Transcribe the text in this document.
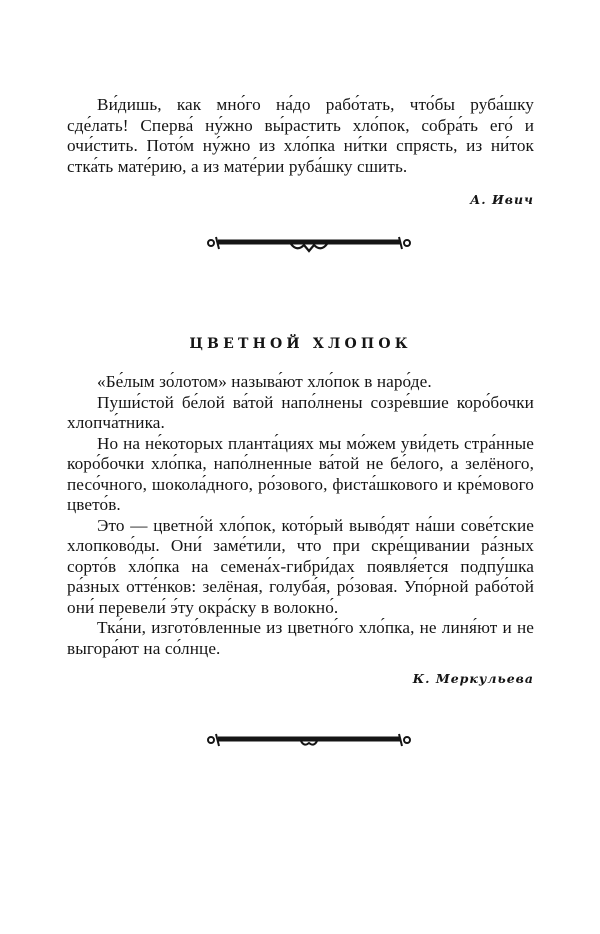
Ви́дишь, как мно́го на́до рабо́тать, что́бы руба́шку сде́лать! Сперва́ ну́жно вы́растить хло́пок, собра́ть его́ и очи́стить. Пото́м ну́жно из хло́пка ни́тки спрясть, из ни́ток стка́ть мате́рию, а из мате́рии руба́шку сшить.

А. Ивич
ЦВЕТНОЙ ХЛОПОК

«Бе́лым зо́лотом» называ́ют хло́пок в наро́де.

Пуши́стой бе́лой ва́той напо́лнены созре́вшие коро́бочки хлопча́тника.

Но на не́которых планта́циях мы мо́жем уви́деть стра́нные коро́бочки хло́пка, напо́лненные ва́той не бе́лого, а зелёного, песо́чного, шокола́дного, ро́зового, фиста́шкового и кре́мового цвето́в.

Это — цветно́й хло́пок, кото́рый выво́дят на́ши сове́тские хлопково́ды. Они́ заме́тили, что при скре́щивании ра́зных сорто́в хло́пка на семена́х-гибри́дах появля́ется подпу́шка ра́зных отте́нков: зелёная, голуба́я, ро́зовая. Упо́рной рабо́той они́ перевели́ э́ту окра́ску в волокно́.

Тка́ни, изгото́вленные из цветно́го хло́пка, не линя́ют и не выгора́ют на со́лнце.

К. Меркульева
